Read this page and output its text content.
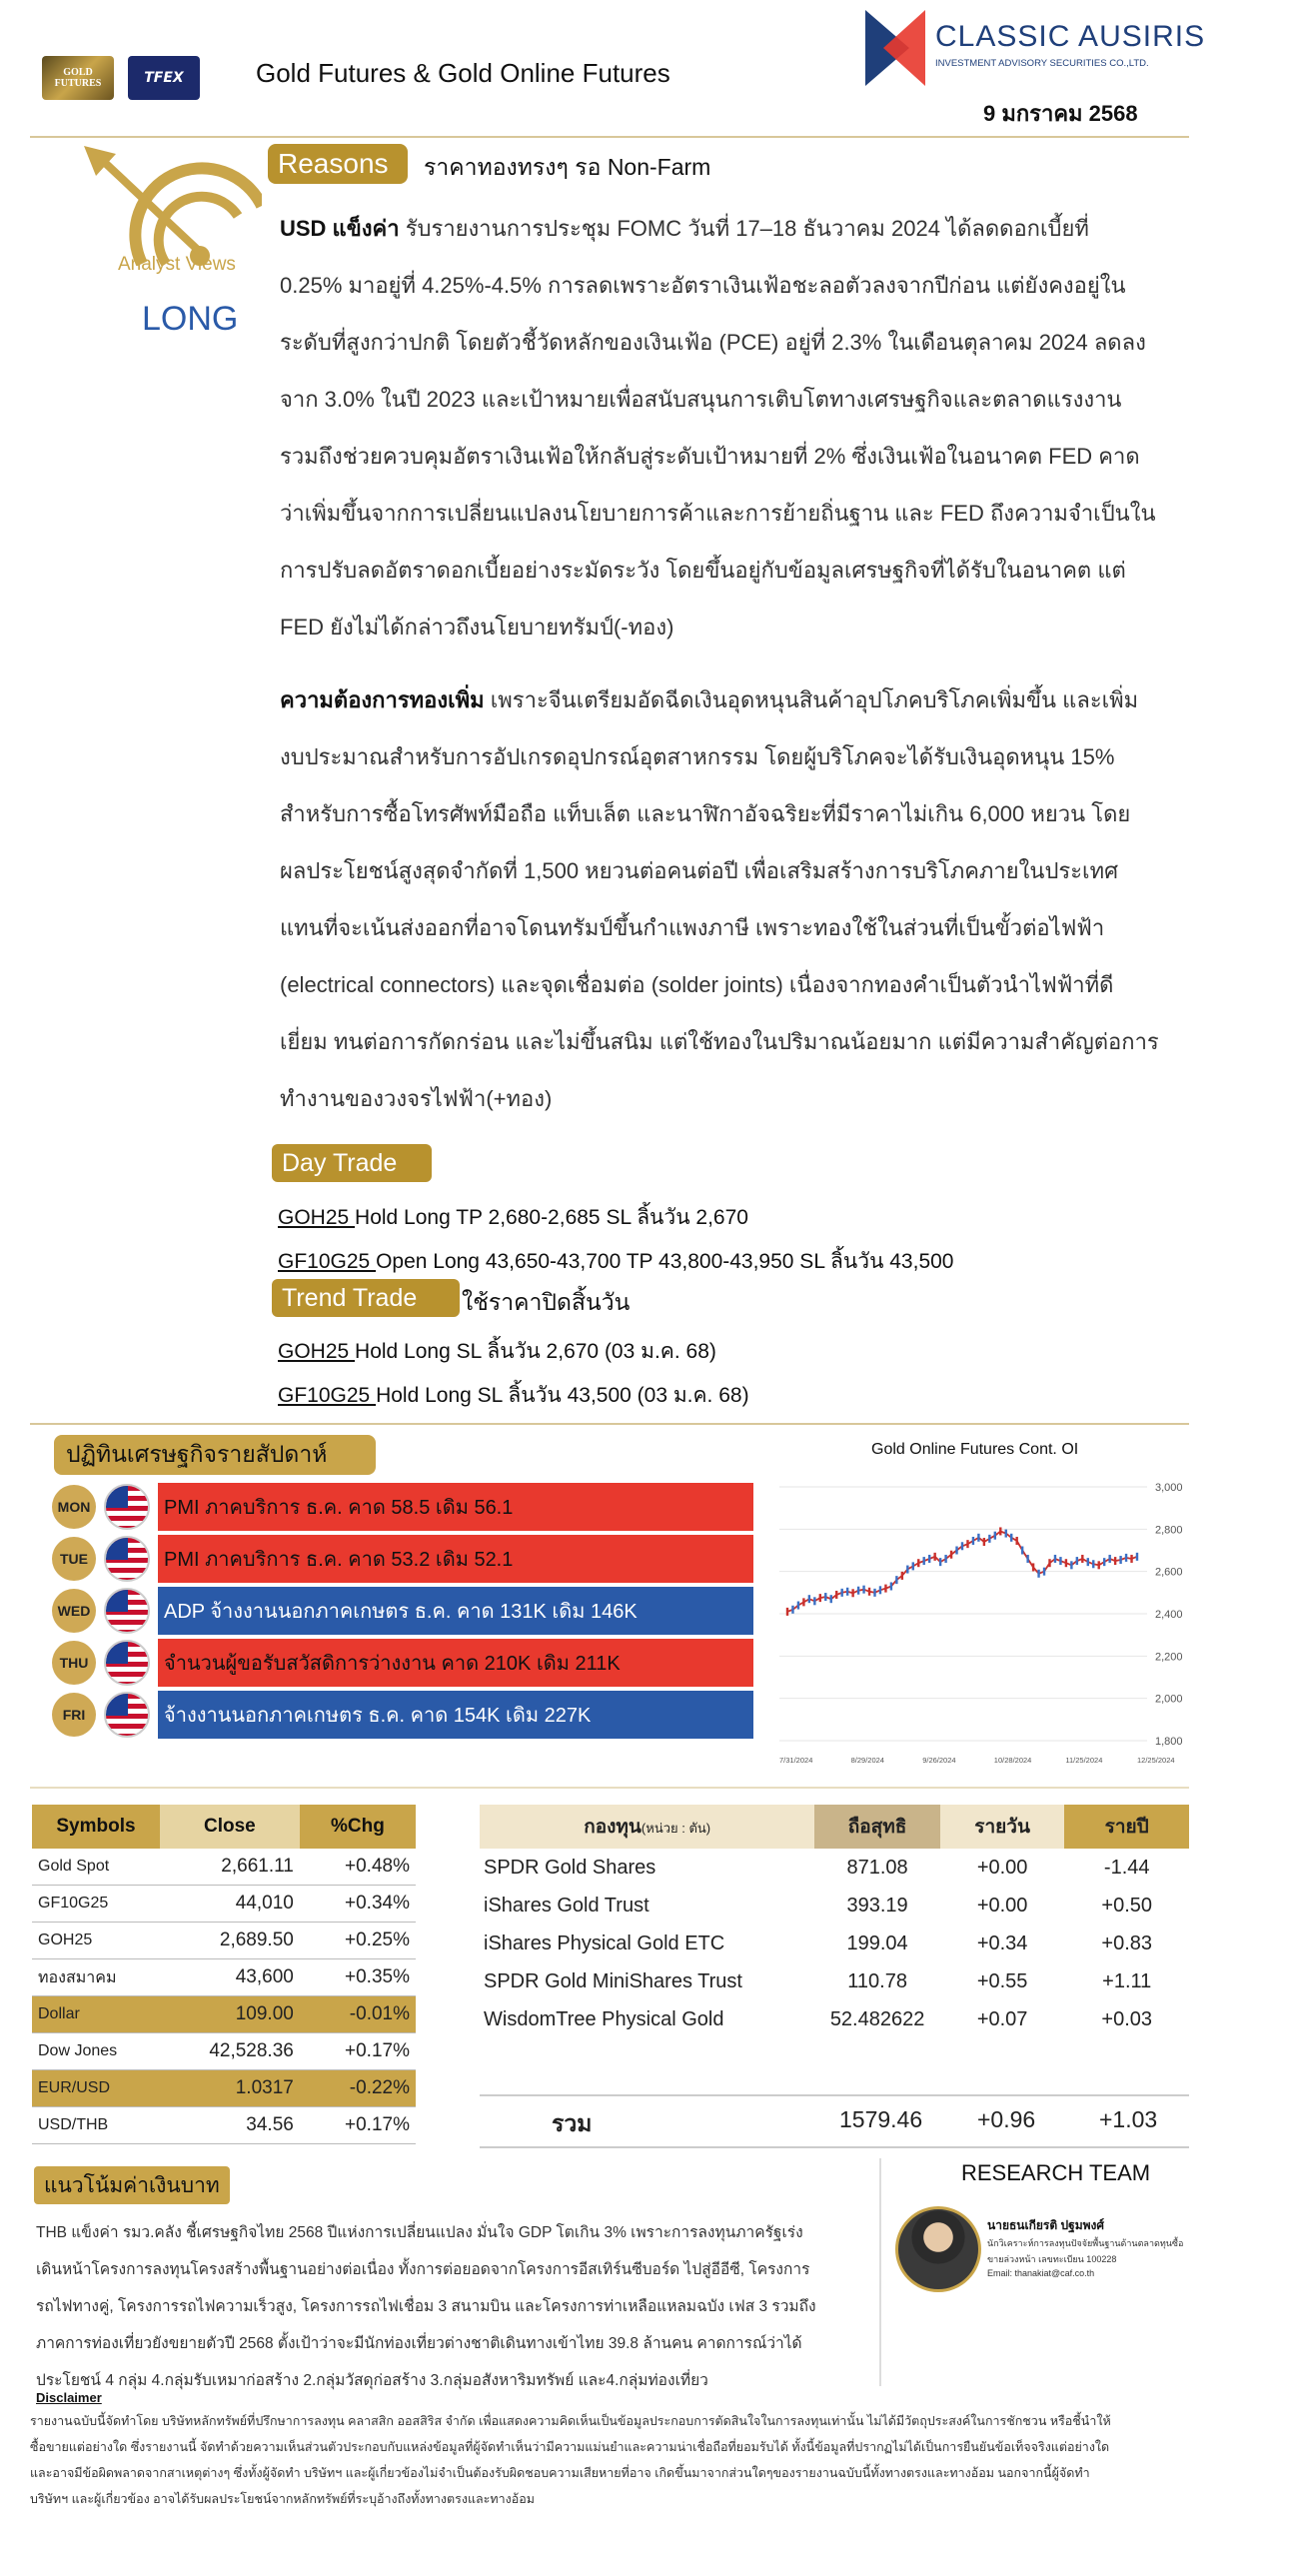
GOLD FUTURES	TFEX	Gold Futures & Gold Online Futures
CLASSIC AUSIRIS
INVESTMENT ADVISORY SECURITIES CO.,LTD.
9 มกราคม 2568
Analyst Views
LONG
Reasons ราคาทองทรงๆ รอ Non-Farm
USD แข็งค่า รับรายงานการประชุม FOMC วันที่ 17–18 ธันวาคม 2024 ได้ลดดอกเบี้ยที่
0.25% มาอยู่ที่ 4.25%-4.5% การลดเพราะอัตราเงินเฟ้อชะลอตัวลงจากปีก่อน แต่ยังคงอยู่ใน
ระดับที่สูงกว่าปกติ โดยตัวชี้วัดหลักของเงินเฟ้อ (PCE) อยู่ที่ 2.3% ในเดือนตุลาคม 2024 ลดลง
จาก 3.0% ในปี 2023 และเป้าหมายเพื่อสนับสนุนการเติบโตทางเศรษฐกิจและตลาดแรงงาน
รวมถึงช่วยควบคุมอัตราเงินเฟ้อให้กลับสู่ระดับเป้าหมายที่ 2% ซึ่งเงินเฟ้อในอนาคต FED คาด
ว่าเพิ่มขึ้นจากการเปลี่ยนแปลงนโยบายการค้าและการย้ายถิ่นฐาน และ FED ถึงความจำเป็นใน
การปรับลดอัตราดอกเบี้ยอย่างระมัดระวัง โดยขึ้นอยู่กับข้อมูลเศรษฐกิจที่ได้รับในอนาคต แต่
FED ยังไม่ได้กล่าวถึงนโยบายทรัมป์(-ทอง)
ความต้องการทองเพิ่ม เพราะจีนเตรียมอัดฉีดเงินอุดหนุนสินค้าอุปโภคบริโภคเพิ่มขึ้น และเพิ่ม
งบประมาณสำหรับการอัปเกรดอุปกรณ์อุตสาหกรรม โดยผู้บริโภคจะได้รับเงินอุดหนุน 15%
สำหรับการซื้อโทรศัพท์มือถือ แท็บเล็ต และนาฬิกาอัจฉริยะที่มีราคาไม่เกิน 6,000 หยวน โดย
ผลประโยชน์สูงสุดจำกัดที่ 1,500 หยวนต่อคนต่อปี เพื่อเสริมสร้างการบริโภคภายในประเทศ
แทนที่จะเน้นส่งออกที่อาจโดนทรัมป์ขึ้นกำแพงภาษี เพราะทองใช้ในส่วนที่เป็นขั้วต่อไฟฟ้า
(electrical connectors) และจุดเชื่อมต่อ (solder joints) เนื่องจากทองคำเป็นตัวนำไฟฟ้าที่ดี
เยี่ยม ทนต่อการกัดกร่อน และไม่ขึ้นสนิม แต่ใช้ทองในปริมาณน้อยมาก แต่มีความสำคัญต่อการ
ทำงานของวงจรไฟฟ้า(+ทอง)
Day Trade
GOH25 Hold Long TP 2,680-2,685 SL ลิ้นวัน 2,670
GF10G25 Open Long 43,650-43,700 TP 43,800-43,950 SL ลิ้นวัน 43,500
Trend Trade ใช้ราคาปิดสิ้นวัน
GOH25 Hold Long SL ลิ้นวัน 2,670 (03 ม.ค. 68)
GF10G25 Hold Long SL ลิ้นวัน 43,500 (03 ม.ค. 68)
ปฏิทินเศรษฐกิจรายสัปดาห์
MON	PMI ภาคบริการ ธ.ค. คาด 58.5 เดิม 56.1
TUE	PMI ภาคบริการ ธ.ค. คาด 53.2 เดิม 52.1
WED	ADP จ้างงานนอกภาคเกษตร ธ.ค. คาด 131K เดิม 146K
THU	จำนวนผู้ขอรับสวัสดิการว่างงาน คาด 210K เดิม 211K
FRI	จ้างงานนอกภาคเกษตร ธ.ค. คาด 154K เดิม 227K
Gold Online Futures Cont. OI
1,800
2,000
2,200
2,400
2,600
2,800
3,000
7/31/2024	8/29/2024	9/26/2024	10/28/2024	11/25/2024	12/25/2024
Symbols	Close	%Chg
Gold Spot	2,661.11	+0.48%
GF10G25	44,010	+0.34%
GOH25	2,689.50	+0.25%
ทองสมาคม	43,600	+0.35%
Dollar	109.00	-0.01%
Dow Jones	42,528.36	+0.17%
EUR/USD	1.0317	-0.22%
USD/THB	34.56	+0.17%
กองทุน(หน่วย : ตัน)	ถือสุทธิ	รายวัน	รายปี
SPDR Gold Shares	871.08	+0.00	-1.44
iShares Gold Trust	393.19	+0.00	+0.50
iShares Physical Gold ETC	199.04	+0.34	+0.83
SPDR Gold MiniShares Trust	110.78	+0.55	+1.11
WisdomTree Physical Gold	52.482622	+0.07	+0.03
รวม	1579.46 +0.96	+1.03
แนวโน้มค่าเงินบาท
THB แข็งค่า รมว.คลัง ชี้เศรษฐกิจไทย 2568 ปีแห่งการเปลี่ยนแปลง มั่นใจ GDP โตเกิน 3% เพราะการลงทุนภาครัฐเร่ง
เดินหน้าโครงการลงทุนโครงสร้างพื้นฐานอย่างต่อเนื่อง ทั้งการต่อยอดจากโครงการอีสเทิร์นซีบอร์ด ไปสู่อีอีซี, โครงการ
รถไฟทางคู่, โครงการรถไฟความเร็วสูง, โครงการรถไฟเชื่อม 3 สนามบิน และโครงการท่าเหลือแหลมฉบัง เฟส 3 รวมถึง
ภาคการท่องเที่ยวยังขยายตัวปี 2568 ตั้งเป้าว่าจะมีนักท่องเที่ยวต่างชาติเดินทางเข้าไทย 39.8 ล้านคน คาดการณ์ว่าได้
ประโยชน์ 4 กลุ่ม 4.กลุ่มรับเหมาก่อสร้าง 2.กลุ่มวัสดุก่อสร้าง 3.กลุ่มอสังหาริมทรัพย์ และ4.กลุ่มท่องเที่ยว
RESEARCH TEAM
นายธนเกียรติ ปฐมพงศ์
นักวิเคราะห์การลงทุนปัจจัยพื้นฐานด้านตลาดทุนซื้อ
ขายล่วงหน้า เลขทะเบียน 100228
Email: thanakiat@caf.co.th
Disclaimer
รายงานฉบับนี้จัดทำโดย บริษัทหลักทรัพย์ที่ปรึกษาการลงทุน คลาสสิก ออสสิริส จำกัด เพื่อแสดงความคิดเห็นเป็นข้อมูลประกอบการตัดสินใจในการลงทุนเท่านั้น ไม่ได้มีวัตถุประสงค์ในการชักชวน หรือชี้นำให้
ซื้อขายแต่อย่างใด ซึ่งรายงานนี้ จัดทำด้วยความเห็นส่วนตัวประกอบกับแหล่งข้อมูลที่ผู้จัดทำเห็นว่ามีความแม่นยำและความน่าเชื่อถือที่ยอมรับได้ ทั้งนี้ข้อมูลที่ปรากฏไม่ได้เป็นการยืนยันข้อเท็จจริงแต่อย่างใด
และอาจมีข้อผิดพลาดจากสาเหตุต่างๆ ซึ่งทั้งผู้จัดทำ บริษัทฯ และผู้เกี่ยวข้องไม่จำเป็นต้องรับผิดชอบความเสียหายที่อาจ เกิดขึ้นมาจากส่วนใดๆของรายงานฉบับนี้ทั้งทางตรงและทางอ้อม นอกจากนี้ผู้จัดทำ
บริษัทฯ และผู้เกี่ยวข้อง อาจได้รับผลประโยชน์จากหลักทรัพย์ที่ระบุอ้างถึงทั้งทางตรงและทางอ้อม
